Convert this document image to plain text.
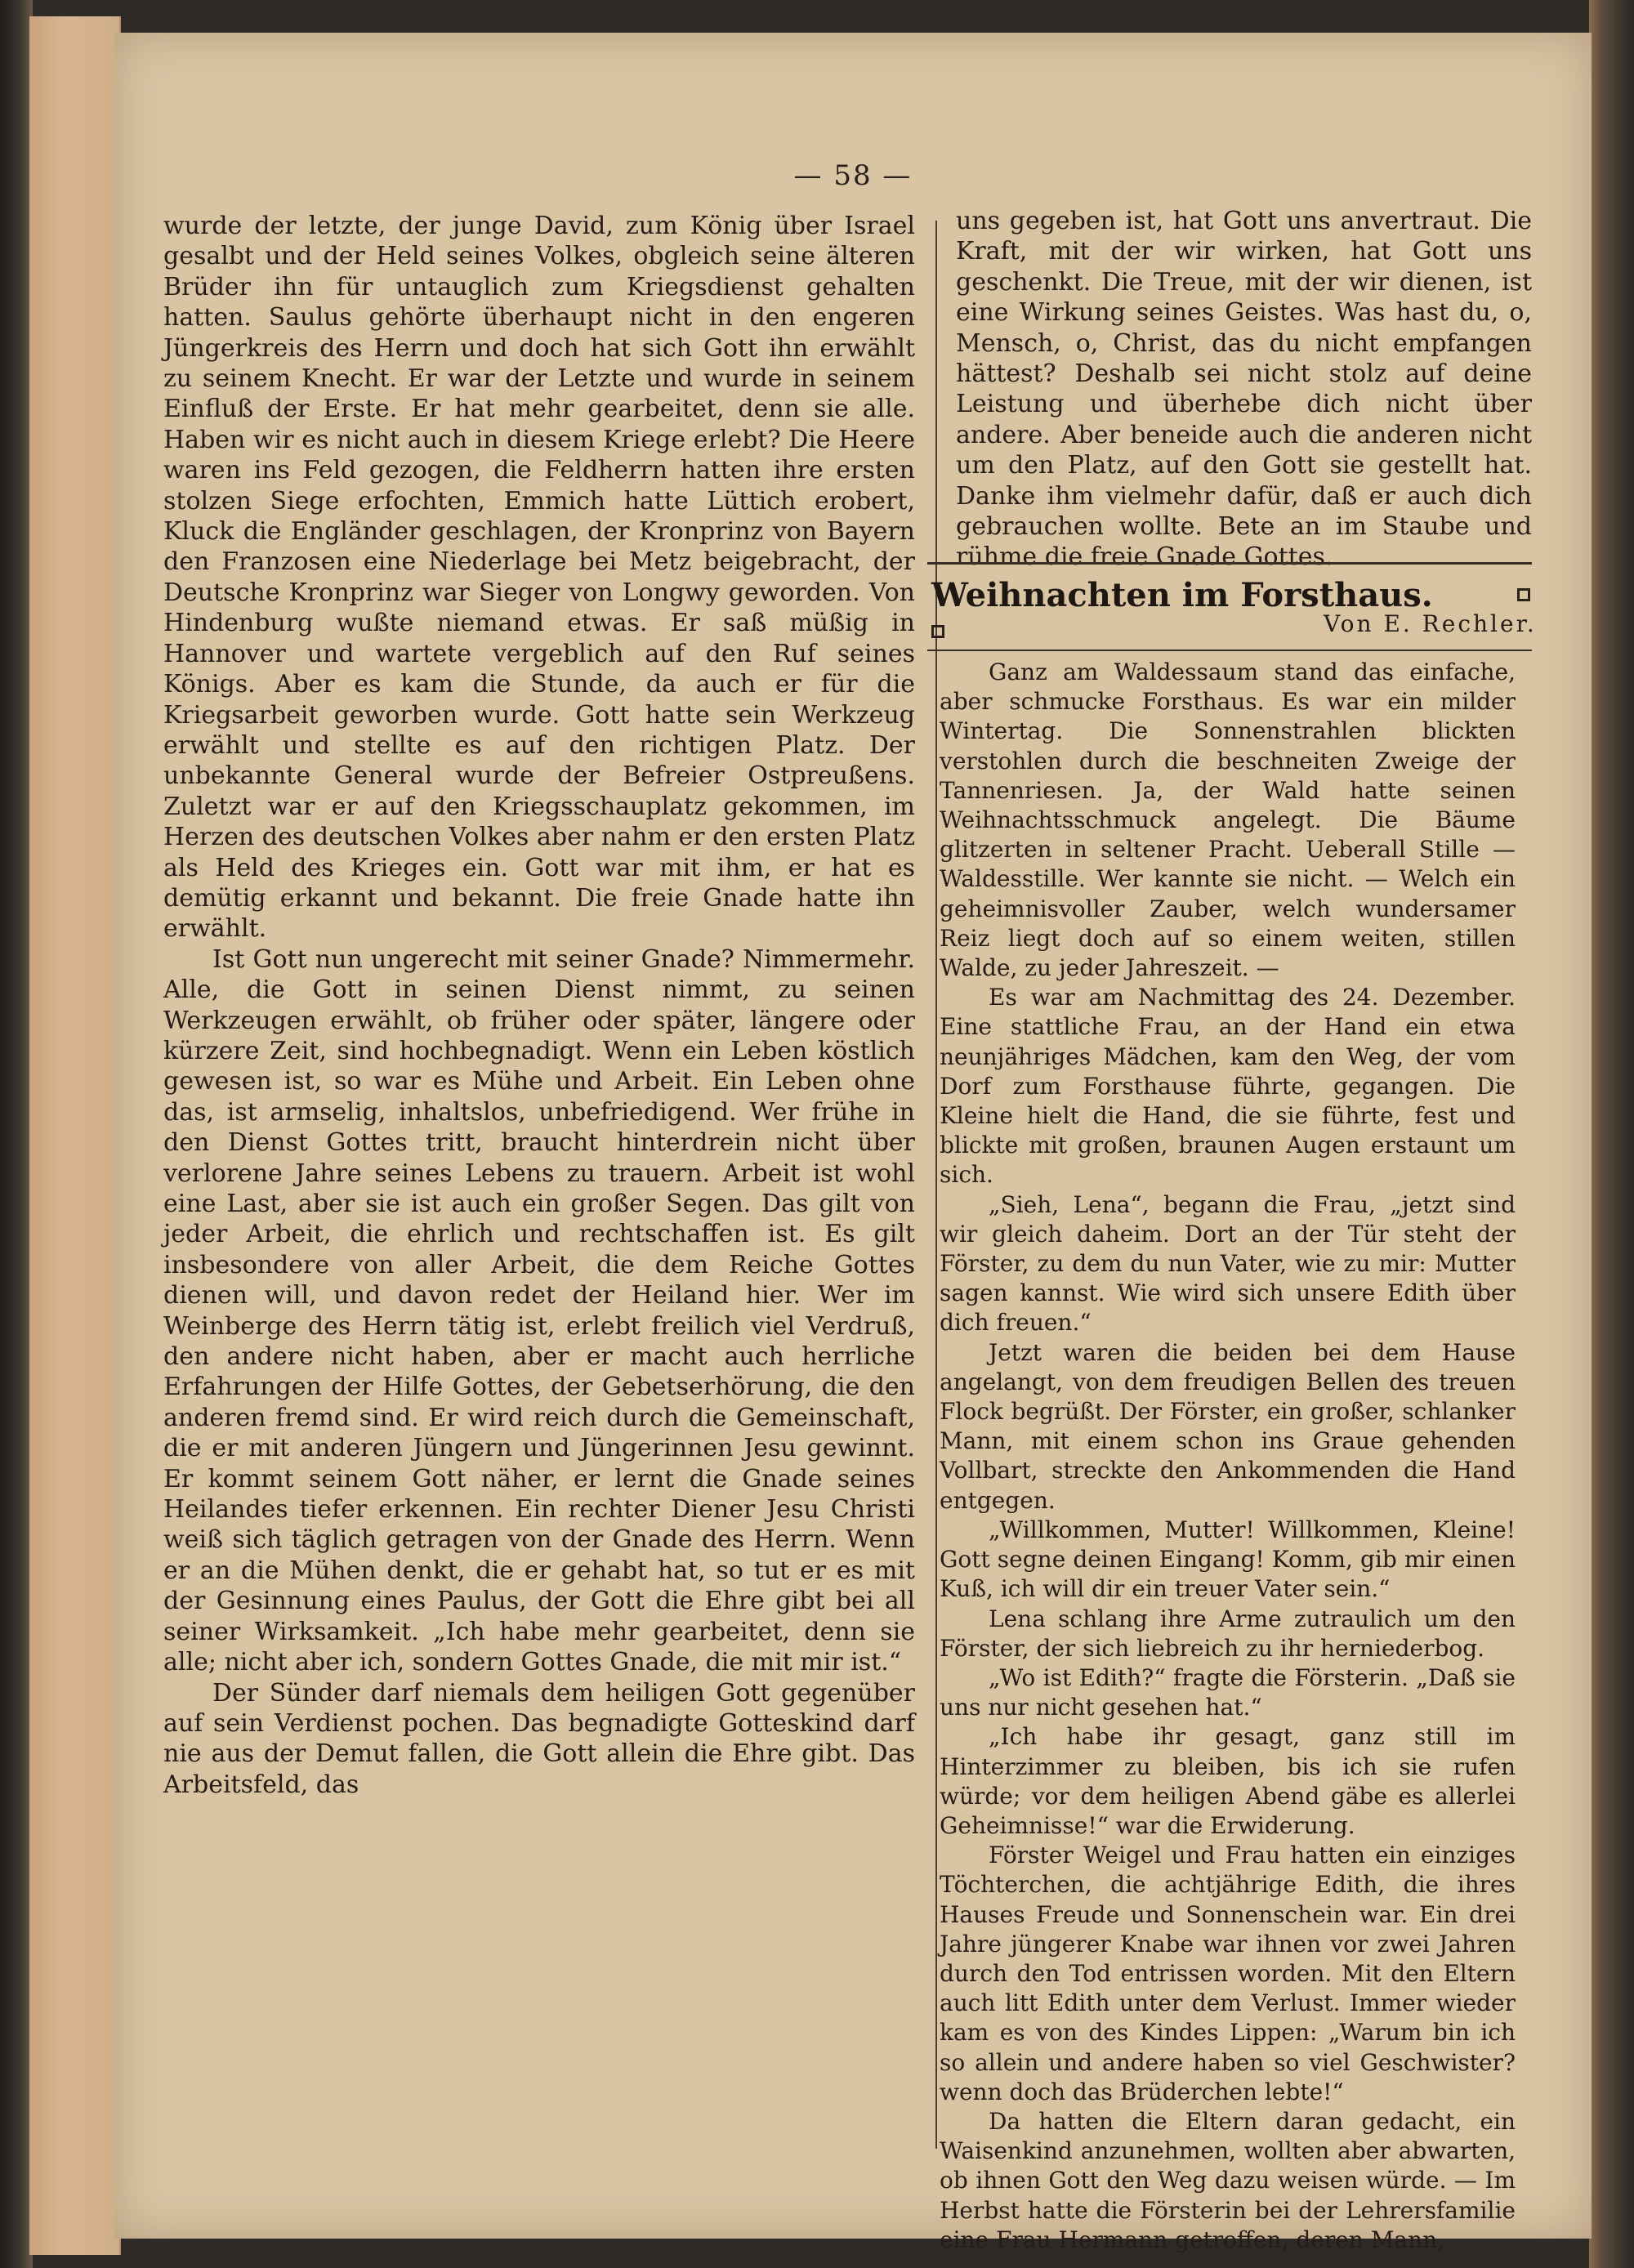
— 58 —

wurde der letzte, der junge David, zum König über Israel gesalbt und der Held seines Volkes, obgleich seine älteren Brüder ihn für untauglich zum Kriegsdienst gehalten hatten. Saulus gehörte überhaupt nicht in den engeren Jüngerkreis des Herrn und doch hat sich Gott ihn erwählt zu seinem Knecht. Er war der Letzte und wurde in seinem Einfluß der Erste. Er hat mehr gearbeitet, denn sie alle. Haben wir es nicht auch in diesem Kriege erlebt? Die Heere waren ins Feld gezogen, die Feldherrn hatten ihre ersten stolzen Siege erfochten, Emmich hatte Lüttich erobert, Kluck die Engländer geschlagen, der Kronprinz von Bayern den Franzosen eine Niederlage bei Metz beigebracht, der Deutsche Kronprinz war Sieger von Longwy geworden. Von Hindenburg wußte niemand etwas. Er saß müßig in Hannover und wartete vergeblich auf den Ruf seines Königs. Aber es kam die Stunde, da auch er für die Kriegsarbeit geworben wurde. Gott hatte sein Werkzeug erwählt und stellte es auf den richtigen Platz. Der unbekannte General wurde der Befreier Ostpreußens. Zuletzt war er auf den Kriegsschauplatz gekommen, im Herzen des deutschen Volkes aber nahm er den ersten Platz als Held des Krieges ein. Gott war mit ihm, er hat es demütig erkannt und bekannt. Die freie Gnade hatte ihn erwählt.

Ist Gott nun ungerecht mit seiner Gnade? Nimmermehr. Alle, die Gott in seinen Dienst nimmt, zu seinen Werkzeugen erwählt, ob früher oder später, längere oder kürzere Zeit, sind hochbegnadigt. Wenn ein Leben köstlich gewesen ist, so war es Mühe und Arbeit. Ein Leben ohne das, ist armselig, inhaltslos, unbefriedigend. Wer frühe in den Dienst Gottes tritt, braucht hinterdrein nicht über verlorene Jahre seines Lebens zu trauern. Arbeit ist wohl eine Last, aber sie ist auch ein großer Segen. Das gilt von jeder Arbeit, die ehrlich und rechtschaffen ist. Es gilt insbesondere von aller Arbeit, die dem Reiche Gottes dienen will, und davon redet der Heiland hier. Wer im Weinberge des Herrn tätig ist, erlebt freilich viel Verdruß, den andere nicht haben, aber er macht auch herrliche Erfahrungen der Hilfe Gottes, der Gebetserhörung, die den anderen fremd sind. Er wird reich durch die Gemeinschaft, die er mit anderen Jüngern und Jüngerinnen Jesu gewinnt. Er kommt seinem Gott näher, er lernt die Gnade seines Heilandes tiefer erkennen. Ein rechter Diener Jesu Christi weiß sich täglich getragen von der Gnade des Herrn. Wenn er an die Mühen denkt, die er gehabt hat, so tut er es mit der Gesinnung eines Paulus, der Gott die Ehre gibt bei all seiner Wirksamkeit. „Ich habe mehr gearbeitet, denn sie alle; nicht aber ich, sondern Gottes Gnade, die mit mir ist.“

Der Sünder darf niemals dem heiligen Gott gegenüber auf sein Verdienst pochen. Das begnadigte Gotteskind darf nie aus der Demut fallen, die Gott allein die Ehre gibt. Das Arbeitsfeld, das

uns gegeben ist, hat Gott uns anvertraut. Die Kraft, mit der wir wirken, hat Gott uns geschenkt. Die Treue, mit der wir dienen, ist eine Wirkung seines Geistes. Was hast du, o, Mensch, o, Christ, das du nicht empfangen hättest? Deshalb sei nicht stolz auf deine Leistung und überhebe dich nicht über andere. Aber beneide auch die anderen nicht um den Platz, auf den Gott sie gestellt hat. Danke ihm vielmehr dafür, daß er auch dich gebrauchen wollte. Bete an im Staube und rühme die freie Gnade Gottes.

Weihnachten im Forsthaus.
Von E. Rechler.

Ganz am Waldessaum stand das einfache, aber schmucke Forsthaus. Es war ein milder Wintertag. Die Sonnenstrahlen blickten verstohlen durch die beschneiten Zweige der Tannenriesen. Ja, der Wald hatte seinen Weihnachtsschmuck angelegt. Die Bäume glitzerten in seltener Pracht. Ueberall Stille — Waldesstille. Wer kannte sie nicht. — Welch ein geheimnisvoller Zauber, welch wundersamer Reiz liegt doch auf so einem weiten, stillen Walde, zu jeder Jahreszeit. —

Es war am Nachmittag des 24. Dezember. Eine stattliche Frau, an der Hand ein etwa neunjähriges Mädchen, kam den Weg, der vom Dorf zum Forsthause führte, gegangen. Die Kleine hielt die Hand, die sie führte, fest und blickte mit großen, braunen Augen erstaunt um sich.

„Sieh, Lena“, begann die Frau, „jetzt sind wir gleich daheim. Dort an der Tür steht der Förster, zu dem du nun Vater, wie zu mir: Mutter sagen kannst. Wie wird sich unsere Edith über dich freuen.“

Jetzt waren die beiden bei dem Hause angelangt, von dem freudigen Bellen des treuen Flock begrüßt. Der Förster, ein großer, schlanker Mann, mit einem schon ins Graue gehenden Vollbart, streckte den Ankommenden die Hand entgegen.

„Willkommen, Mutter! Willkommen, Kleine! Gott segne deinen Eingang! Komm, gib mir einen Kuß, ich will dir ein treuer Vater sein.“

Lena schlang ihre Arme zutraulich um den Förster, der sich liebreich zu ihr herniederbog.

„Wo ist Edith?“ fragte die Försterin. „Daß sie uns nur nicht gesehen hat.“

„Ich habe ihr gesagt, ganz still im Hinterzimmer zu bleiben, bis ich sie rufen würde; vor dem heiligen Abend gäbe es allerlei Geheimnisse!“ war die Erwiderung.

Förster Weigel und Frau hatten ein einziges Töchterchen, die achtjährige Edith, die ihres Hauses Freude und Sonnenschein war. Ein drei Jahre jüngerer Knabe war ihnen vor zwei Jahren durch den Tod entrissen worden. Mit den Eltern auch litt Edith unter dem Verlust. Immer wieder kam es von des Kindes Lippen: „Warum bin ich so allein und andere haben so viel Geschwister? wenn doch das Brüderchen lebte!“

Da hatten die Eltern daran gedacht, ein Waisenkind anzunehmen, wollten aber abwarten, ob ihnen Gott den Weg dazu weisen würde. — Im Herbst hatte die Försterin bei der Lehrersfamilie eine Frau Hermann getroffen, deren Mann,
